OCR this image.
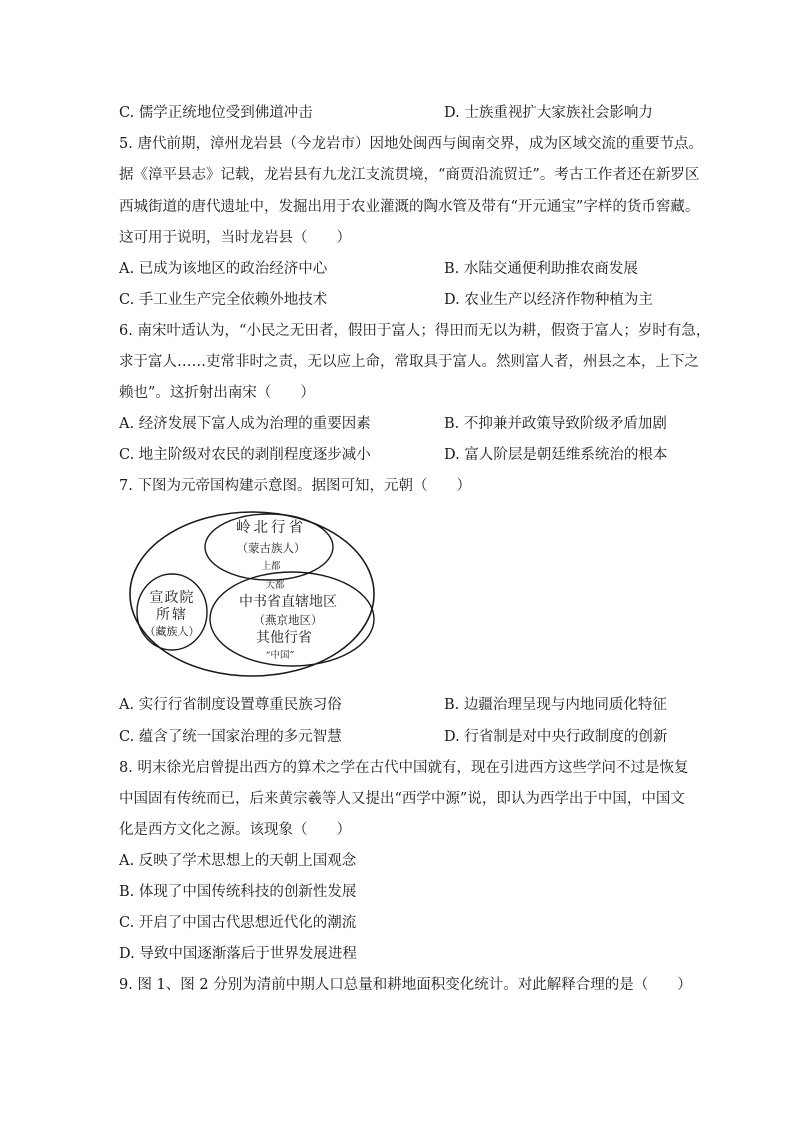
C. 儒学正统地位受到佛道冲击	D. 士族重视扩大家族社会影响力
5. 唐代前期，漳州龙岩县（今龙岩市）因地处闽西与闽南交界，成为区域交流的重要节点。
据《漳平县志》记载，龙岩县有九龙江支流贯境，“商贾沿流贸迁”。考古工作者还在新罗区
西城街道的唐代遗址中，发掘出用于农业灌溉的陶水管及带有“开元通宝”字样的货币窖藏。
这可用于说明，当时龙岩县（　　）
A. 已成为该地区的政治经济中心	B. 水陆交通便利助推农商发展
C. 手工业生产完全依赖外地技术	D. 农业生产以经济作物种植为主
6. 南宋叶适认为，“小民之无田者，假田于富人；得田而无以为耕，假资于富人；岁时有急，
求于富人……吏常非时之责，无以应上命，常取具于富人。然则富人者，州县之本，上下之
赖也”。这折射出南宋（　　）
A. 经济发展下富人成为治理的重要因素	B. 不抑兼并政策导致阶级矛盾加剧
C. 地主阶级对农民的剥削程度逐步减小	D. 富人阶层是朝廷维系统治的根本
7. 下图为元帝国构建示意图。据图可知，元朝（　　）
岭北行省
（蒙古族人）
上都
大都
中书省直辖地区
（燕京地区）
其他行省
“中国”
宣政院
所辖
（藏族人）
A. 实行行省制度设置尊重民族习俗	B. 边疆治理呈现与内地同质化特征
C. 蕴含了统一国家治理的多元智慧	D. 行省制是对中央行政制度的创新
8. 明末徐光启曾提出西方的算术之学在古代中国就有，现在引进西方这些学问不过是恢复
中国固有传统而已，后来黄宗羲等人又提出“西学中源”说，即认为西学出于中国，中国文
化是西方文化之源。该现象（　　）
A. 反映了学术思想上的天朝上国观念
B. 体现了中国传统科技的创新性发展
C. 开启了中国古代思想近代化的潮流
D. 导致中国逐渐落后于世界发展进程
9. 图 1、图 2 分别为清前中期人口总量和耕地面积变化统计。对此解释合理的是（　　）
